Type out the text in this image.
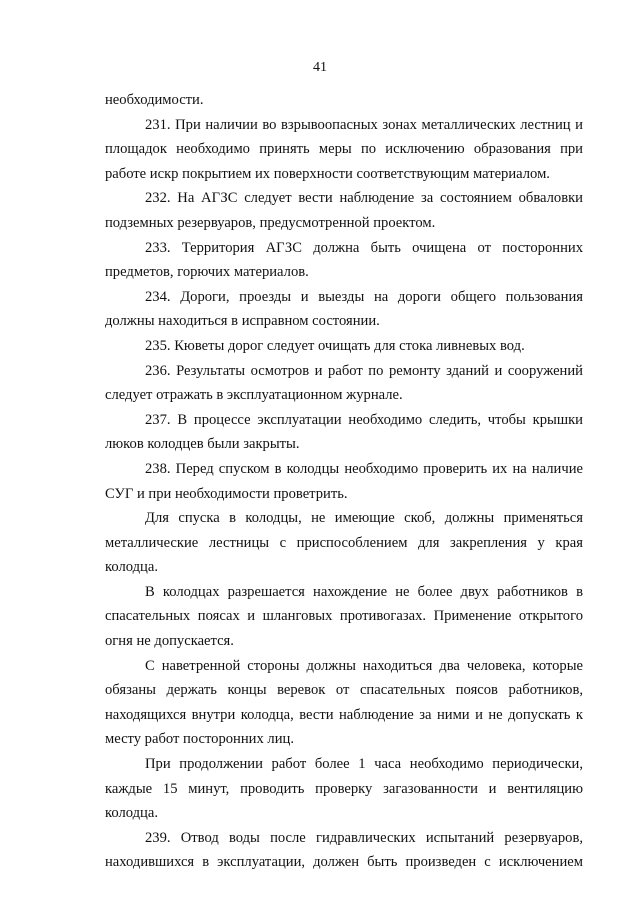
41

необходимости.

231. При наличии во взрывоопасных зонах металлических лестниц и площадок необходимо принять меры по исключению образования при работе искр покрытием их поверхности соответствующим материалом.

232. На АГЗС следует вести наблюдение за состоянием обваловки подземных резервуаров, предусмотренной проектом.

233. Территория АГЗС должна быть очищена от посторонних предметов, горючих материалов.

234. Дороги, проезды и выезды на дороги общего пользования должны находиться в исправном состоянии.

235. Кюветы дорог следует очищать для стока ливневых вод.

236. Результаты осмотров и работ по ремонту зданий и сооружений следует отражать в эксплуатационном журнале.

237. В процессе эксплуатации необходимо следить, чтобы крышки люков колодцев были закрыты.

238. Перед спуском в колодцы необходимо проверить их на наличие СУГ и при необходимости проветрить.

Для спуска в колодцы, не имеющие скоб, должны применяться металлические лестницы с приспособлением для закрепления у края колодца.

В колодцах разрешается нахождение не более двух работников в спасательных поясах и шланговых противогазах. Применение открытого огня не допускается.

С наветренной стороны должны находиться два человека, которые обязаны держать концы веревок от спасательных поясов работников, находящихся внутри колодца, вести наблюдение за ними и не допускать к месту работ посторонних лиц.

При продолжении работ более 1 часа необходимо периодически, каждые 15 минут, проводить проверку загазованности и вентиляцию колодца.

239. Отвод воды после гидравлических испытаний резервуаров, находившихся в эксплуатации, должен быть произведен с исключением
